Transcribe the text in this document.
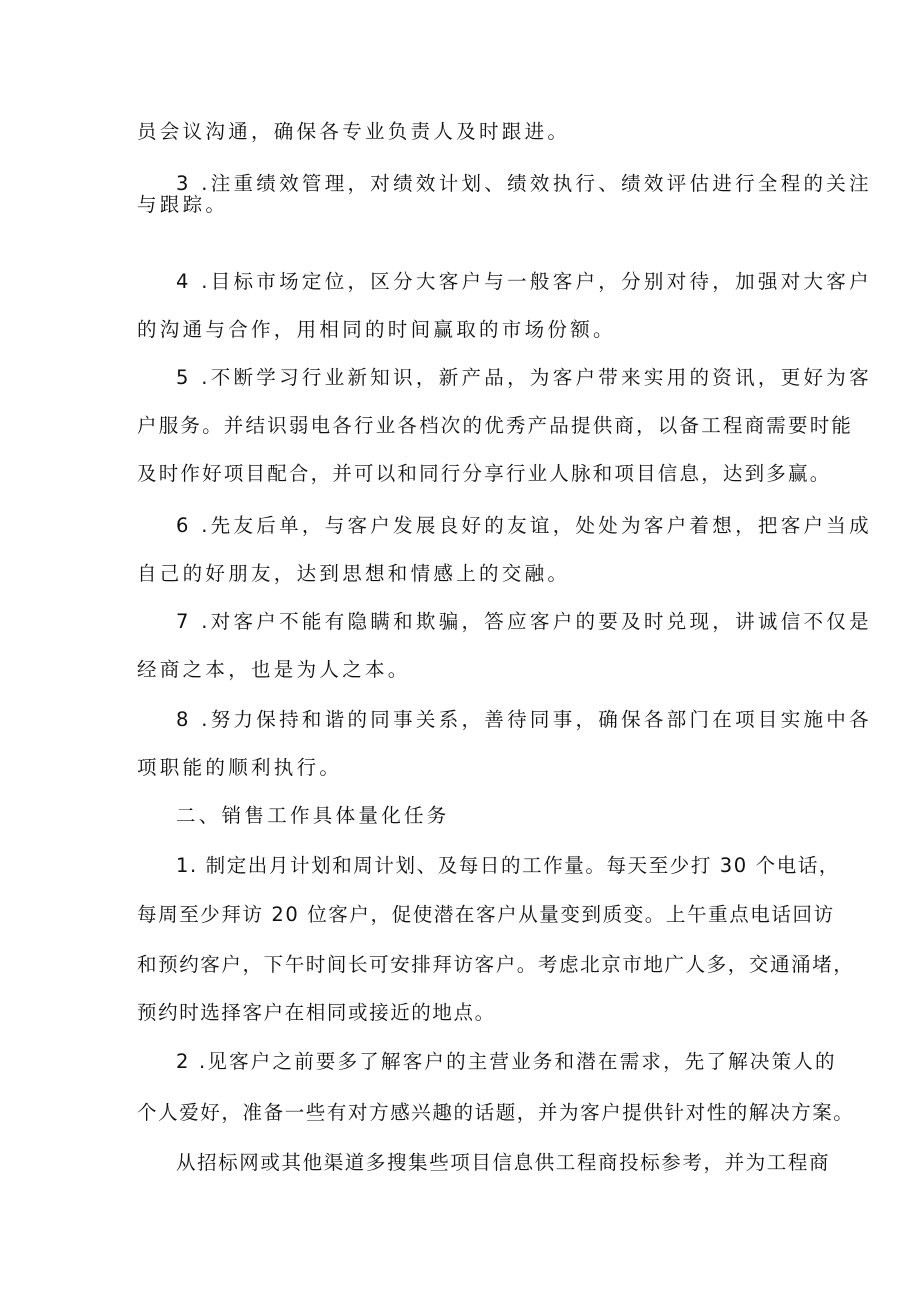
员会议沟通，确保各专业负责人及时跟进。
3 .注重绩效管理，对绩效计划、绩效执行、绩效评估进行全程的关注
与跟踪。
4 .目标市场定位，区分大客户与一般客户，分别对待，加强对大客户
的沟通与合作，用相同的时间赢取的市场份额。
5 .不断学习行业新知识，新产品，为客户带来实用的资讯，更好为客
户服务。并结识弱电各行业各档次的优秀产品提供商，以备工程商需要时能
及时作好项目配合，并可以和同行分享行业人脉和项目信息，达到多赢。
6 .先友后单，与客户发展良好的友谊，处处为客户着想，把客户当成
自己的好朋友，达到思想和情感上的交融。
7 .对客户不能有隐瞒和欺骗，答应客户的要及时兑现，讲诚信不仅是
经商之本，也是为人之本。
8 .努力保持和谐的同事关系，善待同事，确保各部门在项目实施中各
项职能的顺利执行。
二、销售工作具体量化任务
1. 制定出月计划和周计划、及每日的工作量。每天至少打 30 个电话，
每周至少拜访 20 位客户，促使潜在客户从量变到质变。上午重点电话回访
和预约客户，下午时间长可安排拜访客户。考虑北京市地广人多，交通涌堵，
预约时选择客户在相同或接近的地点。
2 .见客户之前要多了解客户的主营业务和潜在需求，先了解决策人的
个人爱好，准备一些有对方感兴趣的话题，并为客户提供针对性的解决方案。
从招标网或其他渠道多搜集些项目信息供工程商投标参考，并为工程商
